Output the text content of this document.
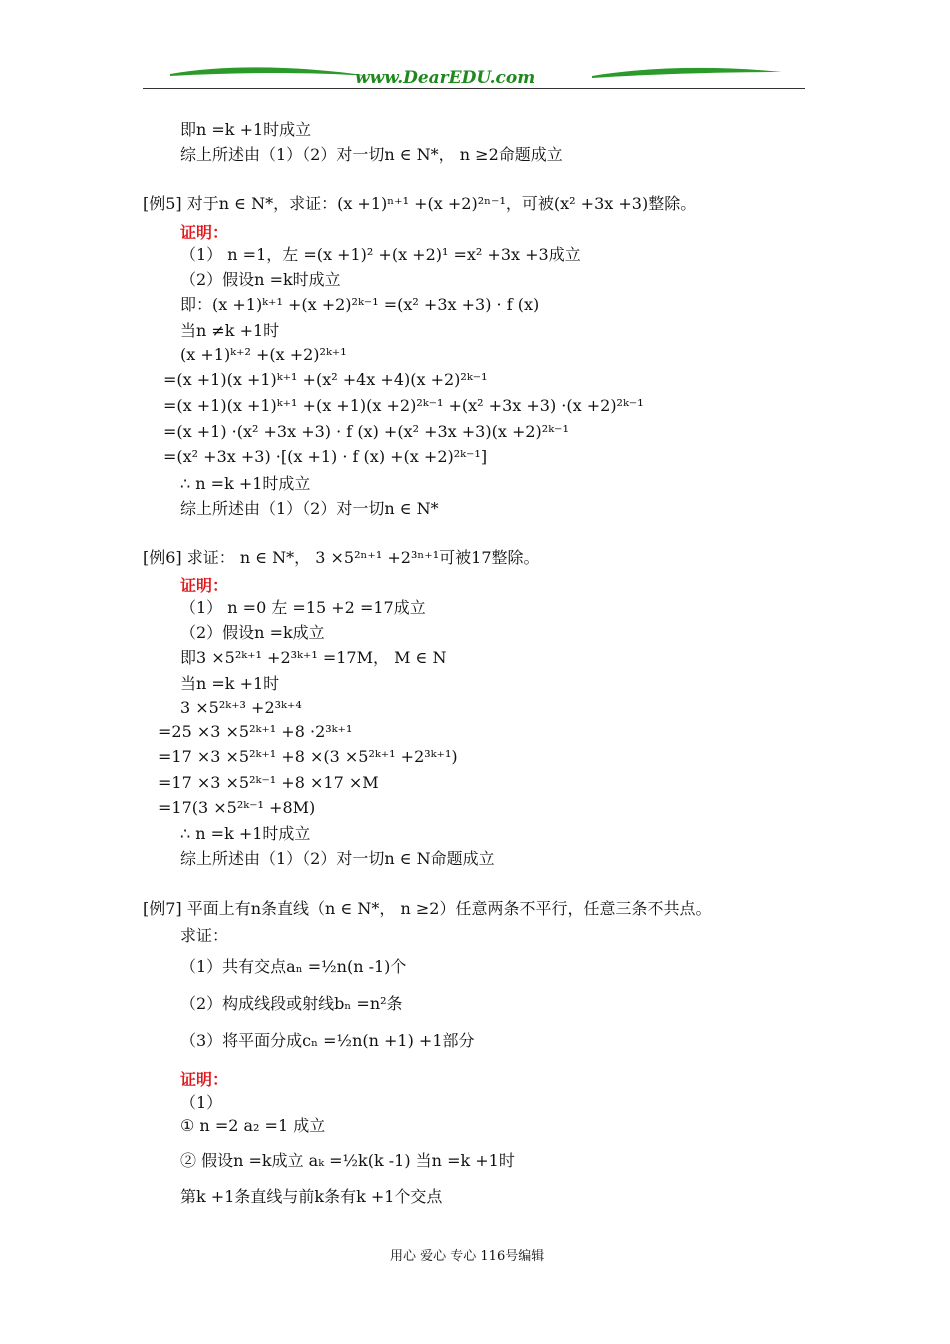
www.DearEDU.com
即n =k +1时成立
综上所述由（1）（2）对一切n ∈ N*， n ≥2命题成立
[例5] 对于n ∈ N*，求证：(x +1)ⁿ⁺¹ +(x +2)²ⁿ⁻¹，可被(x² +3x +3)整除。
证明：
（1） n =1，左 =(x +1)² +(x +2)¹ =x² +3x +3成立
（2）假设n =k时成立
即：(x +1)ᵏ⁺¹ +(x +2)²ᵏ⁻¹ =(x² +3x +3) · f (x)
当n ≠k +1时
(x +1)ᵏ⁺² +(x +2)²ᵏ⁺¹
=(x +1)(x +1)ᵏ⁺¹ +(x² +4x +4)(x +2)²ᵏ⁻¹
=(x +1)(x +1)ᵏ⁺¹ +(x +1)(x +2)²ᵏ⁻¹ +(x² +3x +3) ·(x +2)²ᵏ⁻¹
=(x +1) ·(x² +3x +3) · f (x) +(x² +3x +3)(x +2)²ᵏ⁻¹
=(x² +3x +3) ·[(x +1) · f (x) +(x +2)²ᵏ⁻¹]
∴ n =k +1时成立
综上所述由（1）（2）对一切n ∈ N*
[例6] 求证： n ∈ N*， 3 ×5²ⁿ⁺¹ +2³ⁿ⁺¹可被17整除。
证明：
（1） n =0 左 =15 +2 =17成立
（2）假设n =k成立
即3 ×5²ᵏ⁺¹ +2³ᵏ⁺¹ =17M， M ∈ N
当n =k +1时
3 ×5²ᵏ⁺³ +2³ᵏ⁺⁴
=25 ×3 ×5²ᵏ⁺¹ +8 ·2³ᵏ⁺¹
=17 ×3 ×5²ᵏ⁺¹ +8 ×(3 ×5²ᵏ⁺¹ +2³ᵏ⁺¹)
=17 ×3 ×5²ᵏ⁻¹ +8 ×17 ×M
=17(3 ×5²ᵏ⁻¹ +8M)
∴ n =k +1时成立
综上所述由（1）（2）对一切n ∈ N命题成立
[例7] 平面上有n条直线（n ∈ N*， n ≥2）任意两条不平行，任意三条不共点。
求证：
（1）共有交点aₙ =½n(n -1)个
（2）构成线段或射线bₙ =n²条
（3）将平面分成cₙ =½n(n +1) +1部分
证明：
（1）
① n =2 a₂ =1 成立
② 假设n =k成立 aₖ =½k(k -1) 当n =k +1时
第k +1条直线与前k条有k +1个交点
用心 爱心 专心 116号编辑
